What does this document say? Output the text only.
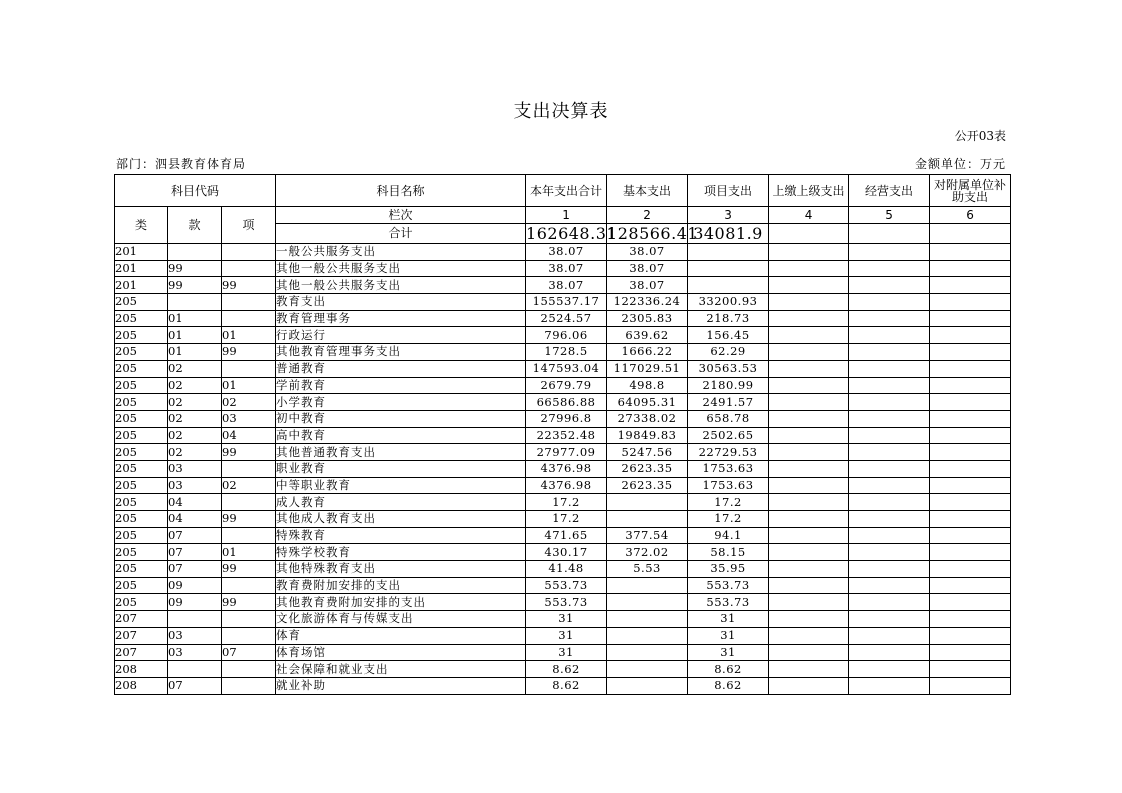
支出决算表
公开03表
部门：泗县教育体育局	金额单位：万元
科目代码			科目名称	本年支出合计	基本支出	项目支出	上缴上级支出	经营支出	对附属单位补助支出
类	款	项	栏次	1	2	3	4	5	6
			合计	162648.31	128566.41	34081.9			
201			一般公共服务支出	38.07	38.07				
201	99		其他一般公共服务支出	38.07	38.07				
201	99	99	其他一般公共服务支出	38.07	38.07				
205			教育支出	155537.17	122336.24	33200.93			
205	01		教育管理事务	2524.57	2305.83	218.73			
205	01	01	行政运行	796.06	639.62	156.45			
205	01	99	其他教育管理事务支出	1728.5	1666.22	62.29			
205	02		普通教育	147593.04	117029.51	30563.53			
205	02	01	学前教育	2679.79	498.8	2180.99			
205	02	02	小学教育	66586.88	64095.31	2491.57			
205	02	03	初中教育	27996.8	27338.02	658.78			
205	02	04	高中教育	22352.48	19849.83	2502.65			
205	02	99	其他普通教育支出	27977.09	5247.56	22729.53			
205	03		职业教育	4376.98	2623.35	1753.63			
205	03	02	中等职业教育	4376.98	2623.35	1753.63			
205	04		成人教育	17.2		17.2			
205	04	99	其他成人教育支出	17.2		17.2			
205	07		特殊教育	471.65	377.54	94.1			
205	07	01	特殊学校教育	430.17	372.02	58.15			
205	07	99	其他特殊教育支出	41.48	5.53	35.95			
205	09		教育费附加安排的支出	553.73		553.73			
205	09	99	其他教育费附加安排的支出	553.73		553.73			
207			文化旅游体育与传媒支出	31		31			
207	03		体育	31		31			
207	03	07	体育场馆	31		31			
208			社会保障和就业支出	8.62		8.62			
208	07		就业补助	8.62		8.62			
